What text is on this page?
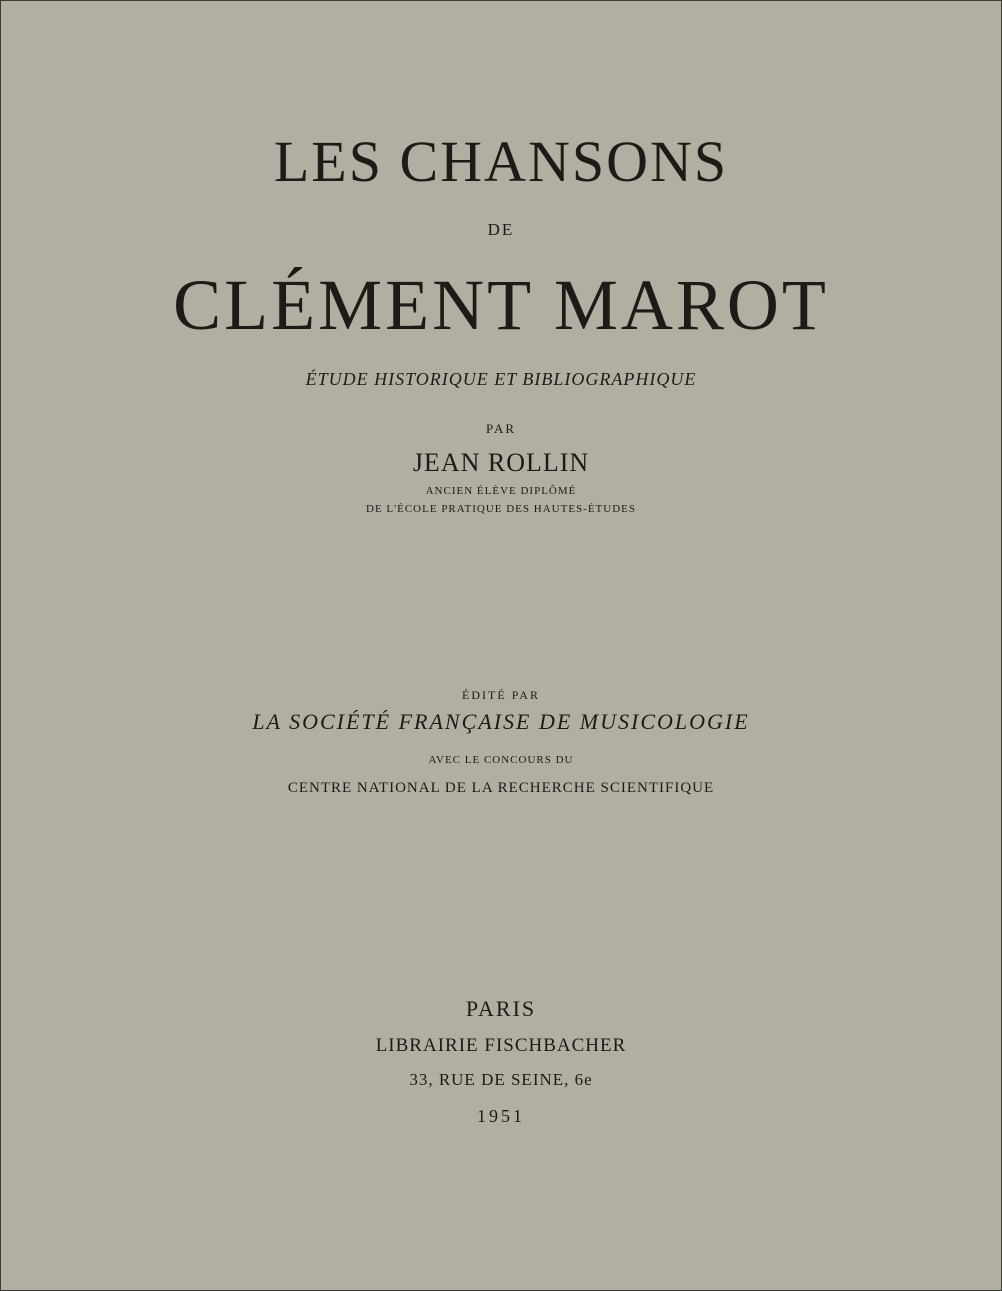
LES CHANSONS
DE
CLÉMENT MAROT
ÉTUDE HISTORIQUE ET BIBLIOGRAPHIQUE
PAR
JEAN ROLLIN
ANCIEN ÉLÈVE DIPLÔMÉ
DE L'ÉCOLE PRATIQUE DES HAUTES-ÉTUDES
ÉDITÉ PAR
LA SOCIÉTÉ FRANÇAISE DE MUSICOLOGIE
AVEC LE CONCOURS DU
CENTRE NATIONAL DE LA RECHERCHE SCIENTIFIQUE
PARIS
LIBRAIRIE FISCHBACHER
33, RUE DE SEINE, 6e
1951
